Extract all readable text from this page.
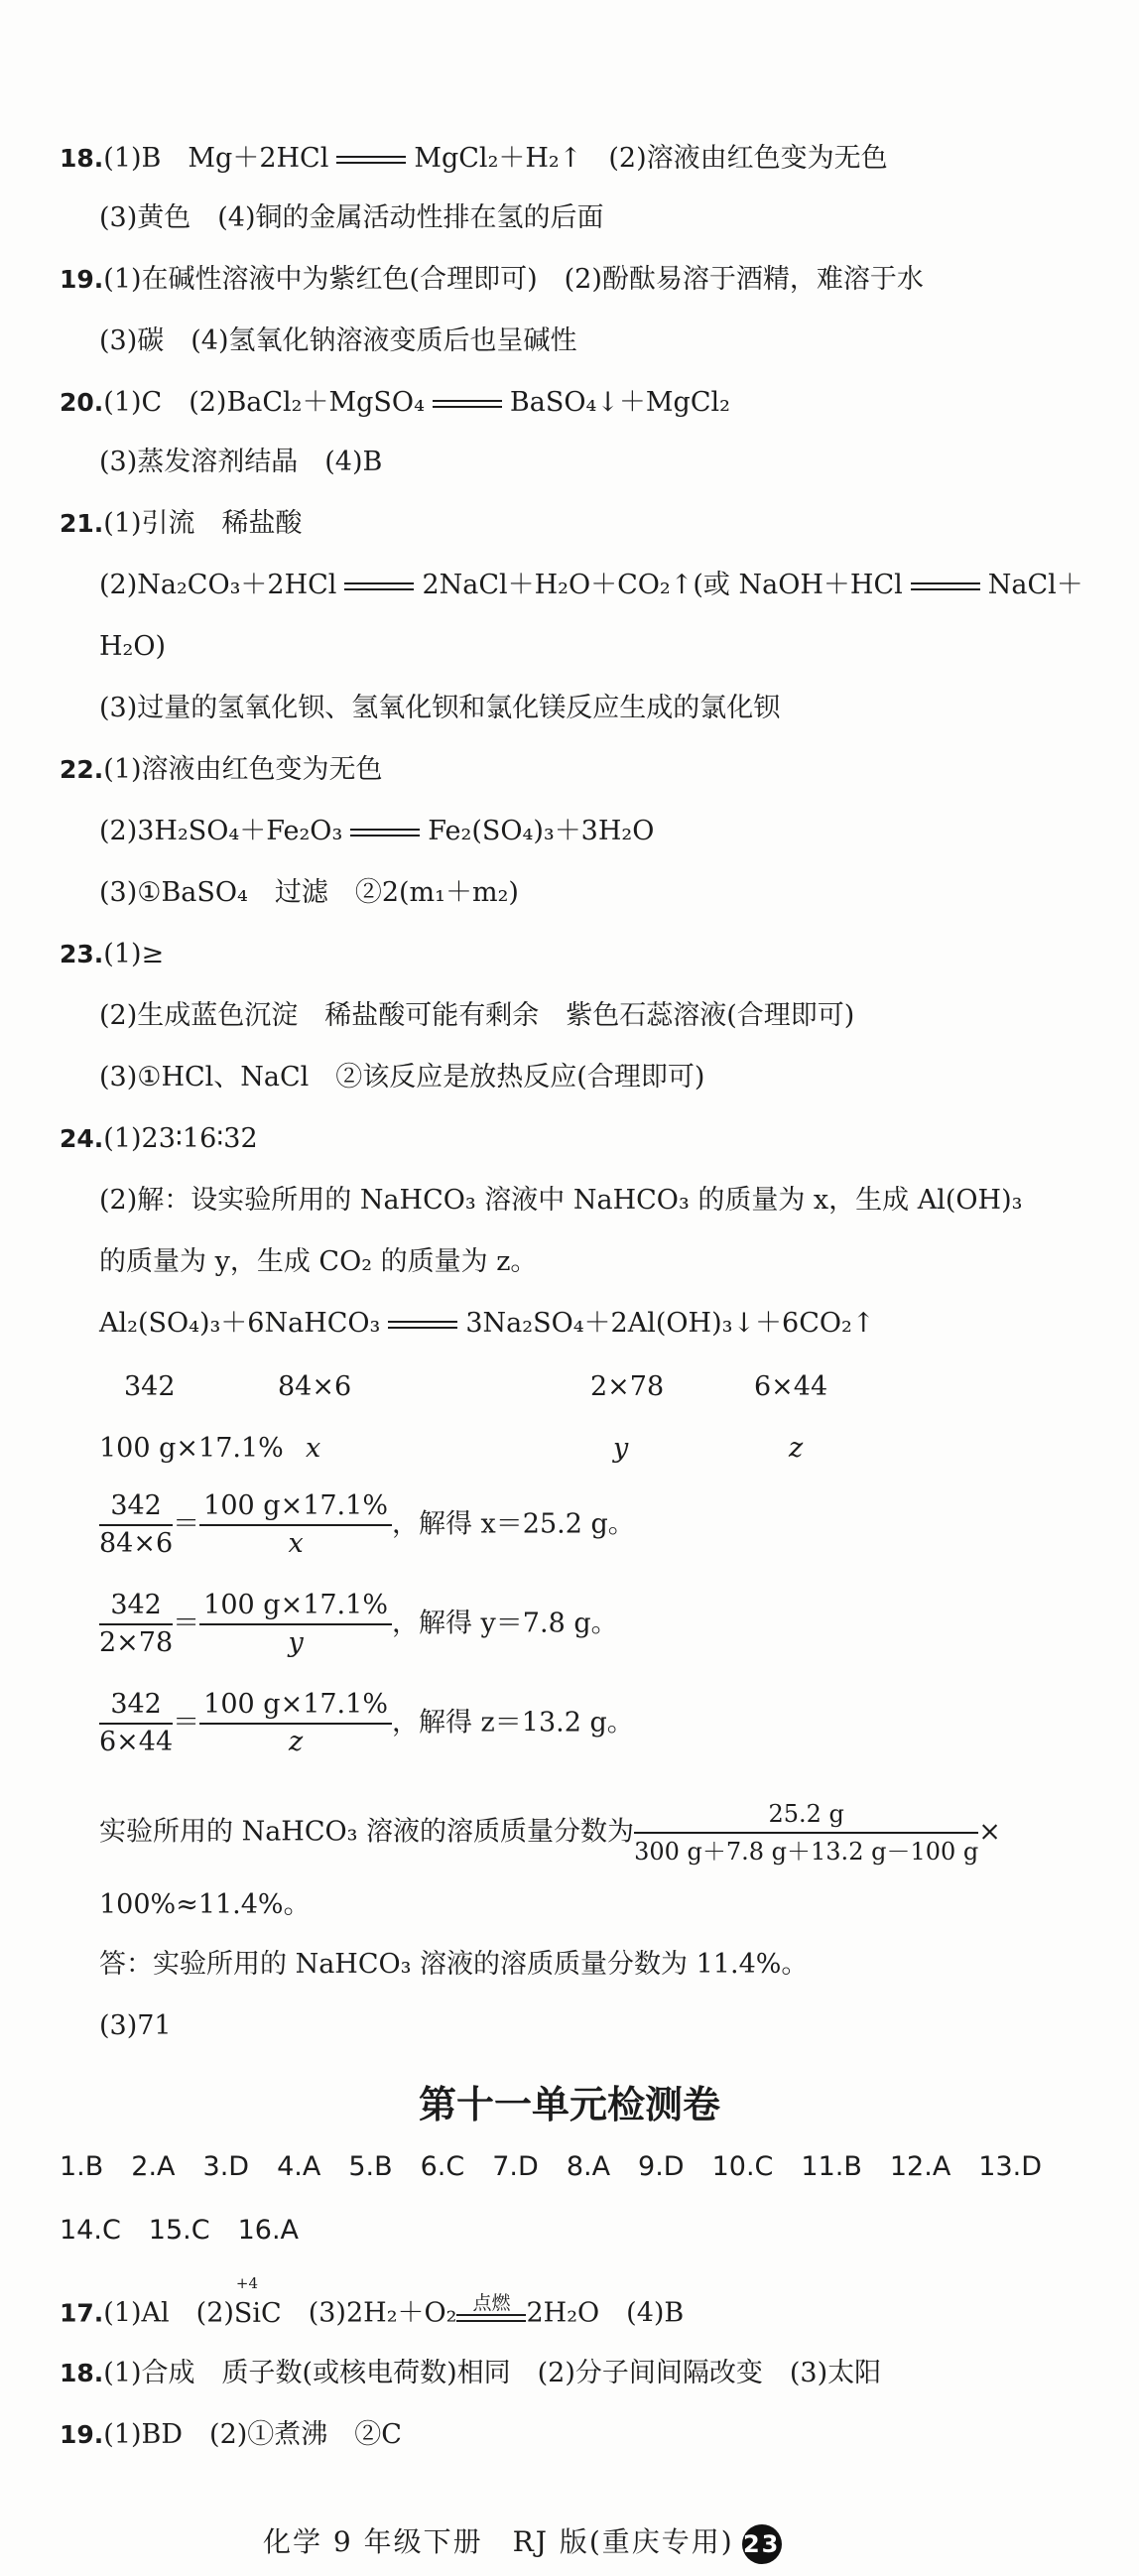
18.(1)B　Mg＋2HCl	MgCl₂＋H₂↑　(2)溶液由红色变为无色
(3)黄色　(4)铜的金属活动性排在氢的后面
19.(1)在碱性溶液中为紫红色(合理即可)　(2)酚酞易溶于酒精，难溶于水
(3)碳　(4)氢氧化钠溶液变质后也呈碱性
20.(1)C　(2)BaCl₂＋MgSO₄	BaSO₄↓＋MgCl₂
(3)蒸发溶剂结晶　(4)B
21.(1)引流　稀盐酸
(2)Na₂CO₃＋2HCl	2NaCl＋H₂O＋CO₂↑(或 NaOH＋HCl	NaCl＋
H₂O)
(3)过量的氢氧化钡、氢氧化钡和氯化镁反应生成的氯化钡
22.(1)溶液由红色变为无色
(2)3H₂SO₄＋Fe₂O₃	Fe₂(SO₄)₃＋3H₂O
(3)①BaSO₄　过滤　②2(m₁＋m₂)
23.(1)≥
(2)生成蓝色沉淀　稀盐酸可能有剩余　紫色石蕊溶液(合理即可)
(3)①HCl、NaCl　②该反应是放热反应(合理即可)
24.(1)23∶16∶32
(2)解：设实验所用的 NaHCO₃ 溶液中 NaHCO₃ 的质量为 x，生成 Al(OH)₃
的质量为 y，生成 CO₂ 的质量为 z。
Al₂(SO₄)₃＋6NaHCO₃	3Na₂SO₄＋2Al(OH)₃↓＋6CO₂↑
342	84×6	2×78	6×44
100 g×17.1% x	y	z
$\frac{342}{84\times 6} = \frac{100 g\times 17.1\%}{x}$ ，解得 x＝25.2 g。
$\frac{342}{2\times 78} = \frac{100 g\times 17.1\%}{y}$ ，解得 y＝7.8 g。
$\frac{342}{6\times 44} = \frac{100 g\times 17.1\%}{z}$ ，解得 z＝13.2 g。
实验所用的 NaHCO₃ 溶液的溶质质量分数为 $\frac{25.2 g}{300 g+7.8 g+13.2 g-100 g}$ ×
100%≈11.4%。
答：实验所用的 NaHCO₃ 溶液的溶质质量分数为 11.4%。
(3)71
第十一单元检测卷
1.B 2.A 3.D 4.A 5.B 6.C 7.D 8.A 9.D 10.C 11.B 12.A 13.D
14.C 15.C 16.A
17.(1)Al　(2)
+4
SiC　 (3)2H₂＋O₂ 点燃 2H₂O　(4)B
18.(1)合成　质子数(或核电荷数)相同　(2)分子间间隔改变　(3)太阳
19.(1)BD　(2)①煮沸　②C
化学 9 年级下册　RJ 版(重庆专用) 23
